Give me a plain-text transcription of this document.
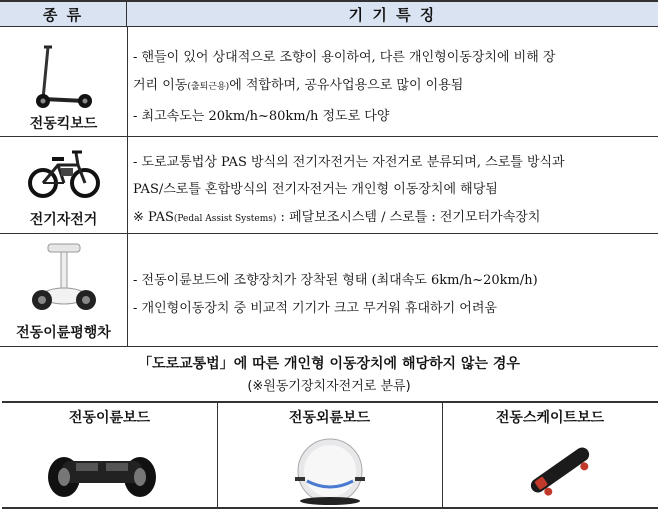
종 류	기 기 특 징
전동킥보드
- 핸들이 있어 상대적으로 조향이 용이하여, 다른 개인형이동장치에 비해 장
거리 이동(출퇴근용)에 적합하며, 공유사업용으로 많이 이용됨
- 최고속도는 20km/h~80km/h 정도로 다양
전기자전거
- 도로교통법상 PAS 방식의 전기자전거는 자전거로 분류되며, 스로틀 방식과
PAS/스로틀 혼합방식의 전기자전거는 개인형 이동장치에 해당됨
※ PAS(Pedal Assist Systems) : 페달보조시스템 / 스로틀 : 전기모터가속장치
전동이륜평행차
- 전동이륜보드에 조향장치가 장착된 형태 (최대속도 6km/h~20km/h)
- 개인형이동장치 중 비교적 기기가 크고 무거워 휴대하기 어려움
「도로교통법」에 따른 개인형 이동장치에 해당하지 않는 경우
(※원동기장치자전거로 분류)
전동이륜보드	전동외륜보드	전동스케이트보드
